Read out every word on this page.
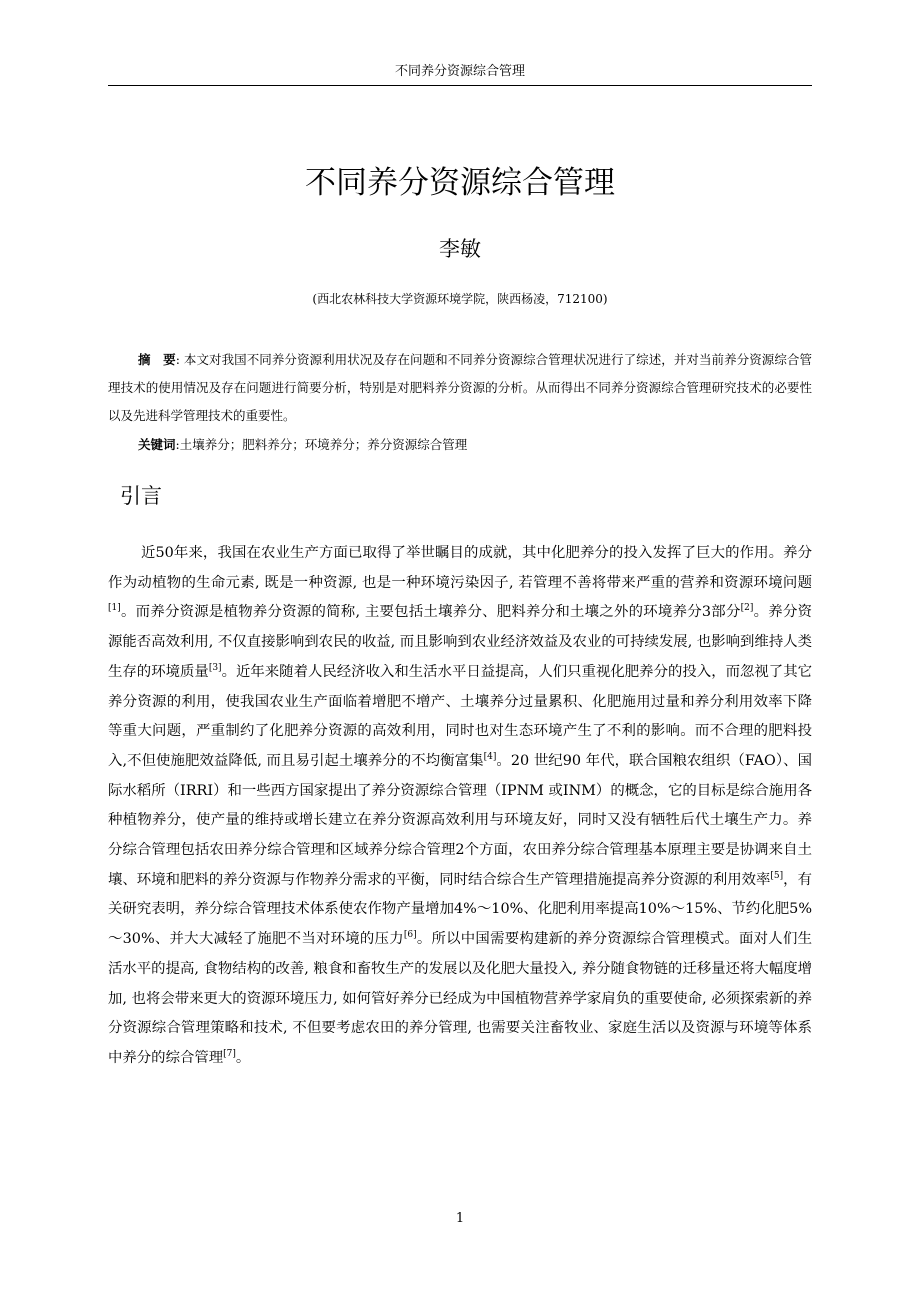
不同养分资源综合管理
不同养分资源综合管理
李敏
(西北农林科技大学资源环境学院，陕西杨凌，712100)

摘　要: 本文对我国不同养分资源利用状况及存在问题和不同养分资源综合管理状况进行了综述，并对当前养分资源综合管理技术的使用情况及存在问题进行简要分析，特别是对肥料养分资源的分析。从而得出不同养分资源综合管理研究技术的必要性以及先进科学管理技术的重要性。

关键词:土壤养分；肥料养分；环境养分；养分资源综合管理
引言

近50年来，我国在农业生产方面已取得了举世瞩目的成就，其中化肥养分的投入发挥了巨大的作用。养分作为动植物的生命元素, 既是一种资源, 也是一种环境污染因子, 若管理不善将带来严重的营养和资源环境问题[1]。而养分资源是植物养分资源的简称, 主要包括土壤养分、肥料养分和土壤之外的环境养分3部分[2]。养分资源能否高效利用, 不仅直接影响到农民的收益, 而且影响到农业经济效益及农业的可持续发展, 也影响到维持人类生存的环境质量[3]。近年来随着人民经济收入和生活水平日益提高，人们只重视化肥养分的投入，而忽视了其它养分资源的利用，使我国农业生产面临着增肥不增产、土壤养分过量累积、化肥施用过量和养分利用效率下降等重大问题，严重制约了化肥养分资源的高效利用，同时也对生态环境产生了不利的影响。而不合理的肥料投入,不但使施肥效益降低, 而且易引起土壤养分的不均衡富集[4]。20 世纪90 年代，联合国粮农组织（FAO）、国际水稻所（IRRI）和一些西方国家提出了养分资源综合管理（IPNM 或INM）的概念，它的目标是综合施用各种植物养分，使产量的维持或增长建立在养分资源高效利用与环境友好，同时又没有牺牲后代土壤生产力。养分综合管理包括农田养分综合管理和区域养分综合管理2个方面，农田养分综合管理基本原理主要是协调来自土壤、环境和肥料的养分资源与作物养分需求的平衡，同时结合综合生产管理措施提高养分资源的利用效率[5]，有关研究表明，养分综合管理技术体系使农作物产量增加4%～10%、化肥利用率提高10%～15%、节约化肥5%～30%、并大大减轻了施肥不当对环境的压力[6]。所以中国需要构建新的养分资源综合管理模式。面对人们生活水平的提高, 食物结构的改善, 粮食和畜牧生产的发展以及化肥大量投入, 养分随食物链的迁移量还将大幅度增加, 也将会带来更大的资源环境压力, 如何管好养分已经成为中国植物营养学家肩负的重要使命, 必须探索新的养分资源综合管理策略和技术, 不但要考虑农田的养分管理, 也需要关注畜牧业、家庭生活以及资源与环境等体系中养分的综合管理[7]。

1
